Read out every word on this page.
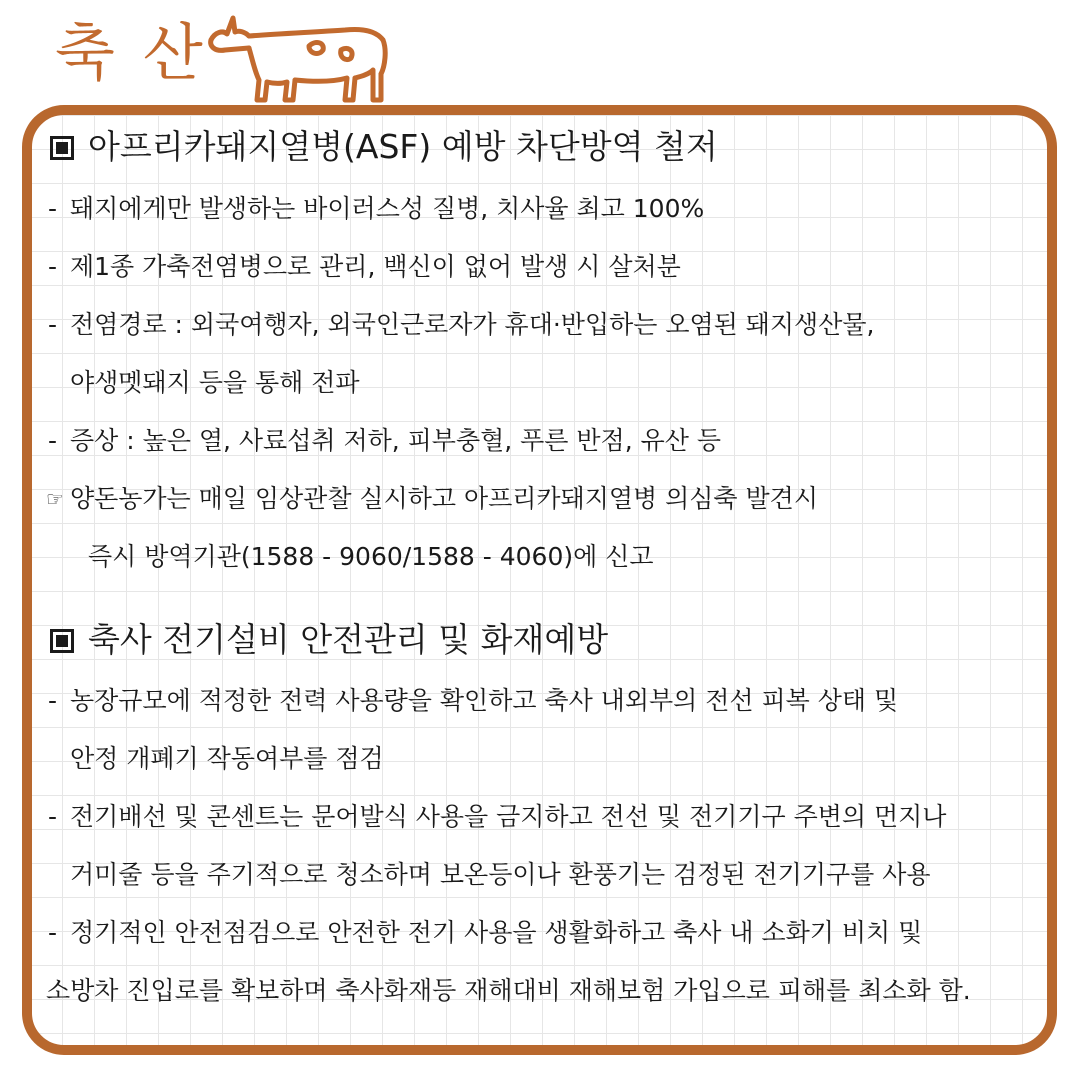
축산
아프리카돼지열병(ASF) 예방 차단방역 철저
- 돼지에게만 발생하는 바이러스성 질병, 치사율 최고 100%
- 제1종 가축전염병으로 관리, 백신이 없어 발생 시 살처분
- 전염경로 : 외국여행자, 외국인근로자가 휴대·반입하는 오염된 돼지생산물,
야생멧돼지 등을 통해 전파
- 증상 : 높은 열, 사료섭취 저하, 피부충혈, 푸른 반점, 유산 등
☞ 양돈농가는 매일 임상관찰 실시하고 아프리카돼지열병 의심축 발견시
즉시 방역기관(1588 - 9060/1588 - 4060)에 신고
축사 전기설비 안전관리 및 화재예방
- 농장규모에 적정한 전력 사용량을 확인하고 축사 내외부의 전선 피복 상태 및
안정 개폐기 작동여부를 점검
- 전기배선 및 콘센트는 문어발식 사용을 금지하고 전선 및 전기기구 주변의 먼지나
거미줄 등을 주기적으로 청소하며 보온등이나 환풍기는 검정된 전기기구를 사용
- 정기적인 안전점검으로 안전한 전기 사용을 생활화하고 축사 내 소화기 비치 및
소방차 진입로를 확보하며 축사화재등 재해대비 재해보험 가입으로 피해를 최소화 함.
